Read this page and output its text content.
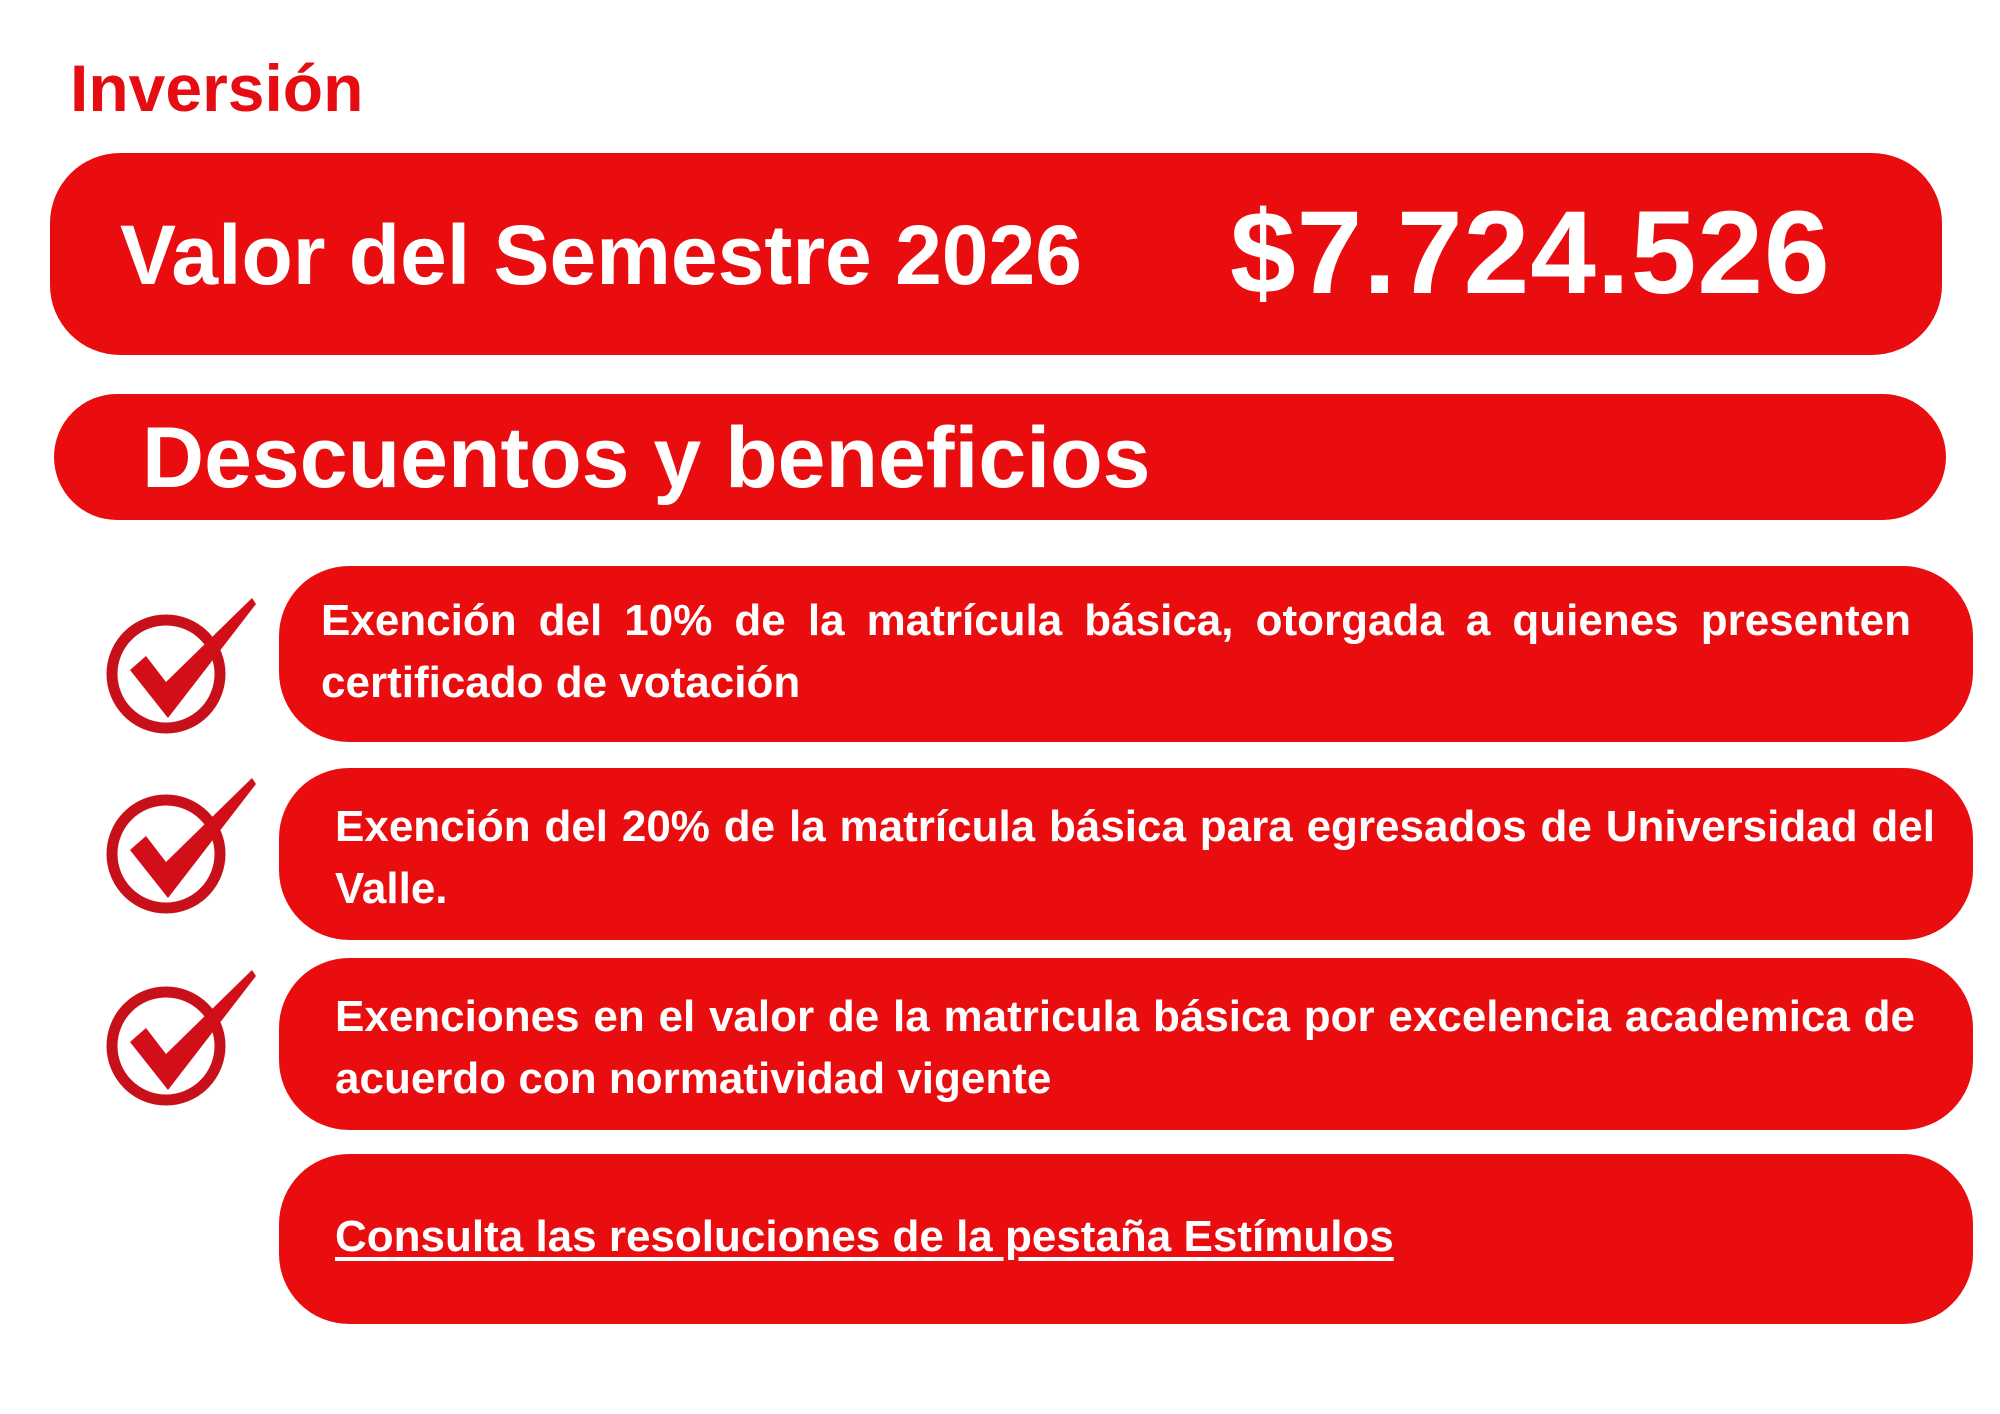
Inversión
Valor del Semestre 2026 $7.724.526
Descuentos y beneficios
Exención del 10% de la matrícula básica, otorgada a quienes presenten certificado de votación
Exención del 20% de la matrícula básica para egresados de Universidad del Valle.
Exenciones en el valor de la matricula básica por excelencia academica de acuerdo con normatividad vigente
Consulta las resoluciones de la pestaña Estímulos
